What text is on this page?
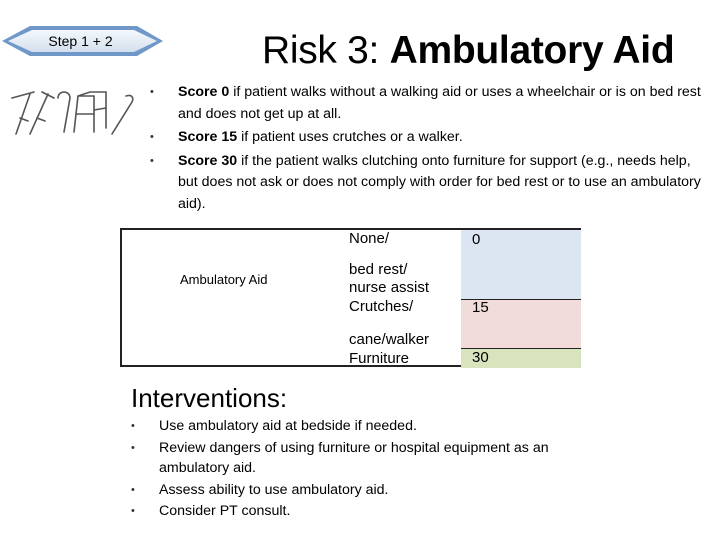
Step 1 + 2	Risk 3: Ambulatory Aid
• Score 0 if patient walks without a walking aid or uses a wheelchair or is on bed rest and does not get up at all.
• Score 15 if patient uses crutches or a walker.
• Score 30 if the patient walks clutching onto furniture for support (e.g., needs help, but does not ask or does not comply with order for bed rest or to use an ambulatory aid).
Ambulatory Aid
None/
bed rest/
nurse assist
Crutches/
cane/walker
Furniture
0
15
30
Interventions:
• Use ambulatory aid at bedside if needed.
• Review dangers of using furniture or hospital equipment as an ambulatory aid.
• Assess ability to use ambulatory aid.
• Consider PT consult.
